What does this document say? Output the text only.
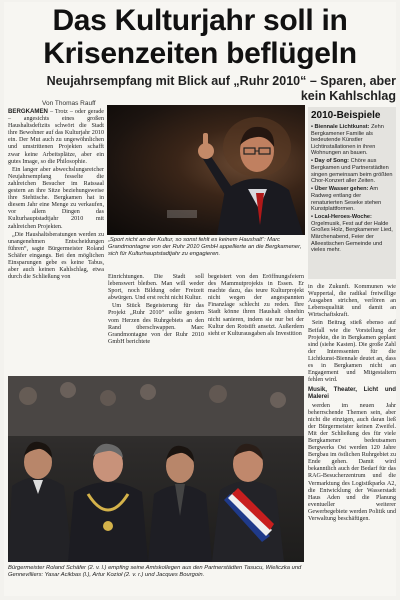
Das Kulturjahr soll in
Krisenzeiten beflügeln
Neujahrsempfang mit Blick auf „Ruhr 2010“ – Sparen, aber kein Kahlschlag
Von Thomas Rauff

BERGKAMEN – Trotz – oder gerade – angesichts eines großen Haushaltsdefizits schwört die Stadt ihre Bewohner auf das Kulturjahr 2010 ein. Der Mut auch zu ungewöhnlichen und umstrittenen Projekten schafft zwar keine Arbeitsplätze, aber ein gutes Image, so die Philosophie.

Ein langer aber abwechslungsreicher Neujahrsempfang fesselte die zahlreichen Besucher im Ratssaal gestern an ihre Sitze beziehungsweise ihre Stehtische. Bergkamen hat in diesem Jahr eine Menge zu verkaufen, vor allem Dingen das Kulturhauptstadtjahr 2010 mit zahlreichen Projekten.

„Die Haushaltsberatungen werden zu unangenehmen Entscheidungen führen“, sagte Bürgermeister Roland Schäfer eingangs. Bei den möglichen Einsparungen gebe es keine Tabus, aber auch keinen Kahlschlag, etwa durch die Schließung von

„Sport nicht an der Kultur, so sonst fehlt es keinem Haushalt“: Marc Grandmontagne von der Ruhr 2010 GmbH appellierte an die Bergkamener, sich für Kulturhauptstadtjahr zu engagieren.

Einrichtungen. Die Stadt soll lebenswert bleiben. Man will weder Sport, noch Bildung oder Freizeit abwürgen. Und erst recht nicht Kultur.

Um Stück Begeisterung für das Projekt „Ruhr 2010“ sollte gestern vom Herzen des Ruhrgebiets an den Rand überschwappen. Marc Grandmontagne von der Ruhr 2010 GmbH berichtete

begeistert von den Eröffnungsfeiern des Mammutprojekts in Essen. Er machte dazu, das teure Kulturprojekt nicht wegen der angespannten Finanzlage schlecht zu reden. Ihre Stadt könne ihren Haushalt ohnehin nicht sanieren, indem sie nur bei der Kultur den Rotstift ansetzt. Außerdem sieht er Kulturausgaben als Investition

2010-Beispiele
• Biennale Lichtkunst: Zehn Bergkamener Familie als bedeutende Künstler Lichtinstallationen in ihren Wohnungen an bauen.
• Day of Song: Chöre aus Bergkamen und Partnerstädten singen gemeinsam beim größten Chor-Konzert aller Zeiten.
• Über Wasser gehen: Am Radweg entlang der renaturierten Seseke stehen Kunstplattformen.
• Local-Heroes-Woche: Orgelmusik, Fest auf der Halde Großes Holz, Bergkamener Lied, Märchenabend, Feier der Alleestischen Gemeinde und vieles mehr.

in die Zukunft. Kommunen wie Wuppertal, die radikal freiwillige Ausgaben strichen, verlören an Lebensqualität und damit an Wirtschaftskraft.

Sein Beitrag stieß ebenso auf Beifall wie die Vorstellung der Projekte, die in Bergkamen geplant sind (siehe Kasten). Die große Zahl der Interessenten für die Lichtkunst-Biennale deutet an, dass es in Bergkamen nicht an Engagement und Mitgestaltern fehlen wird.

Musik, Theater, Licht und Malerei

werden im neuen Jahr beherrschende Themen sein, aber nicht die einzigen, auch daran ließ der Bürgermeister keinen Zweifel. Mit der Schließung des für viele Bergkamener bedeutsamen Bergwerks Ost werden 120 Jahre Bergbau im östlichen Ruhrgebiet zu Ende gehen. Damit wird bekanntlich auch der Bedarf für das RAG-Besucherzentrum und die Vermarktung des Logistikparks A2, die Entwicklung der Wasserstadt Haus Aden und die Planung eventueller weiterer Gewerbegebiete werden Politik und Verwaltung beschäftigen.

Bürgermeister Roland Schäfer (2. v. l.) empfing seine Amtskollegen aus den Partnerstädten Tasucu, Wieliczka und Gennevilliers: Yasar Acikbas (l.), Artur Kozioł (2. v. r.) und Jacques Bourgoin.
